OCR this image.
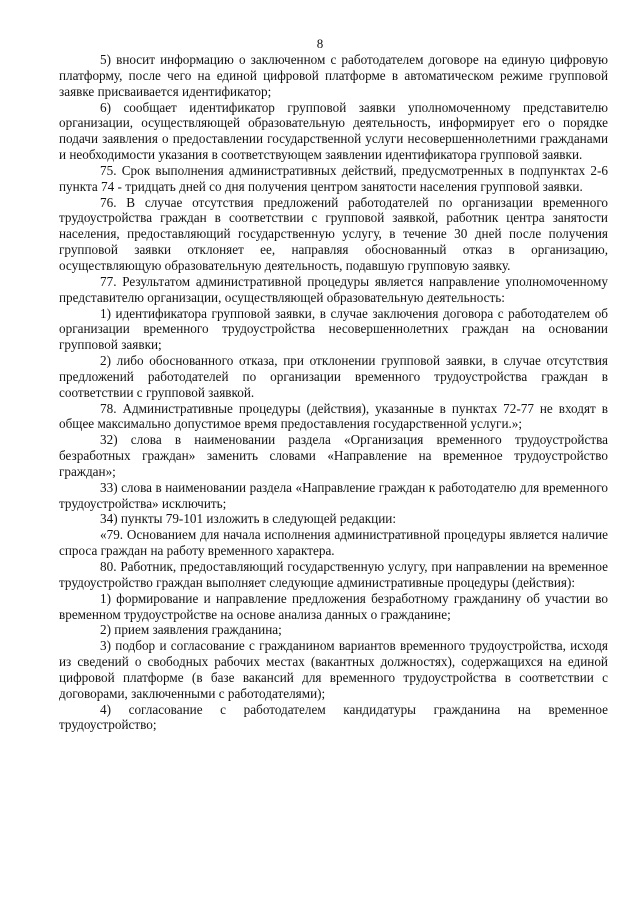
8

5) вносит информацию о заключенном с работодателем договоре на единую цифровую платформу, после чего на единой цифровой платформе в автоматическом режиме групповой заявке присваивается идентификатор;

6) сообщает идентификатор групповой заявки уполномоченному представителю организации, осуществляющей образовательную деятельность, информирует его о порядке подачи заявления о предоставлении государственной услуги несовершеннолетними гражданами и необходимости указания в соответствующем заявлении идентификатора групповой заявки.

75. Срок выполнения административных действий, предусмотренных в подпунктах 2-6 пункта 74 - тридцать дней со дня получения центром занятости населения групповой заявки.

76. В случае отсутствия предложений работодателей по организации временного трудоустройства граждан в соответствии с групповой заявкой, работник центра занятости населения, предоставляющий государственную услугу, в течение 30 дней после получения групповой заявки отклоняет ее, направляя обоснованный отказ в организацию, осуществляющую образовательную деятельность, подавшую групповую заявку.

77. Результатом административной процедуры является направление уполномоченному представителю организации, осуществляющей образовательную деятельность:

1) идентификатора групповой заявки, в случае заключения договора с работодателем об организации временного трудоустройства несовершеннолетних граждан на основании групповой заявки;

2) либо обоснованного отказа, при отклонении групповой заявки, в случае отсутствия предложений работодателей по организации временного трудоустройства граждан в соответствии с групповой заявкой.

78. Административные процедуры (действия), указанные в пунктах 72-77 не входят в общее максимально допустимое время предоставления государственной услуги.»;

32) слова в наименовании раздела «Организация временного трудоустройства безработных граждан» заменить словами «Направление на временное трудоустройство граждан»;

33) слова в наименовании раздела «Направление граждан к работодателю для временного трудоустройства» исключить;

34) пункты 79-101 изложить в следующей редакции:

«79. Основанием для начала исполнения административной процедуры является наличие спроса граждан на работу временного характера.

80. Работник, предоставляющий государственную услугу, при направлении на временное трудоустройство граждан выполняет следующие административные процедуры (действия):

1) формирование и направление предложения безработному гражданину об участии во временном трудоустройстве на основе анализа данных о гражданине;

2) прием заявления гражданина;

3) подбор и согласование с гражданином вариантов временного трудоустройства, исходя из сведений о свободных рабочих местах (вакантных должностях), содержащихся на единой цифровой платформе (в базе вакансий для временного трудоустройства в соответствии с договорами, заключенными с работодателями);

4) согласование с работодателем кандидатуры гражданина на временное трудоустройство;
